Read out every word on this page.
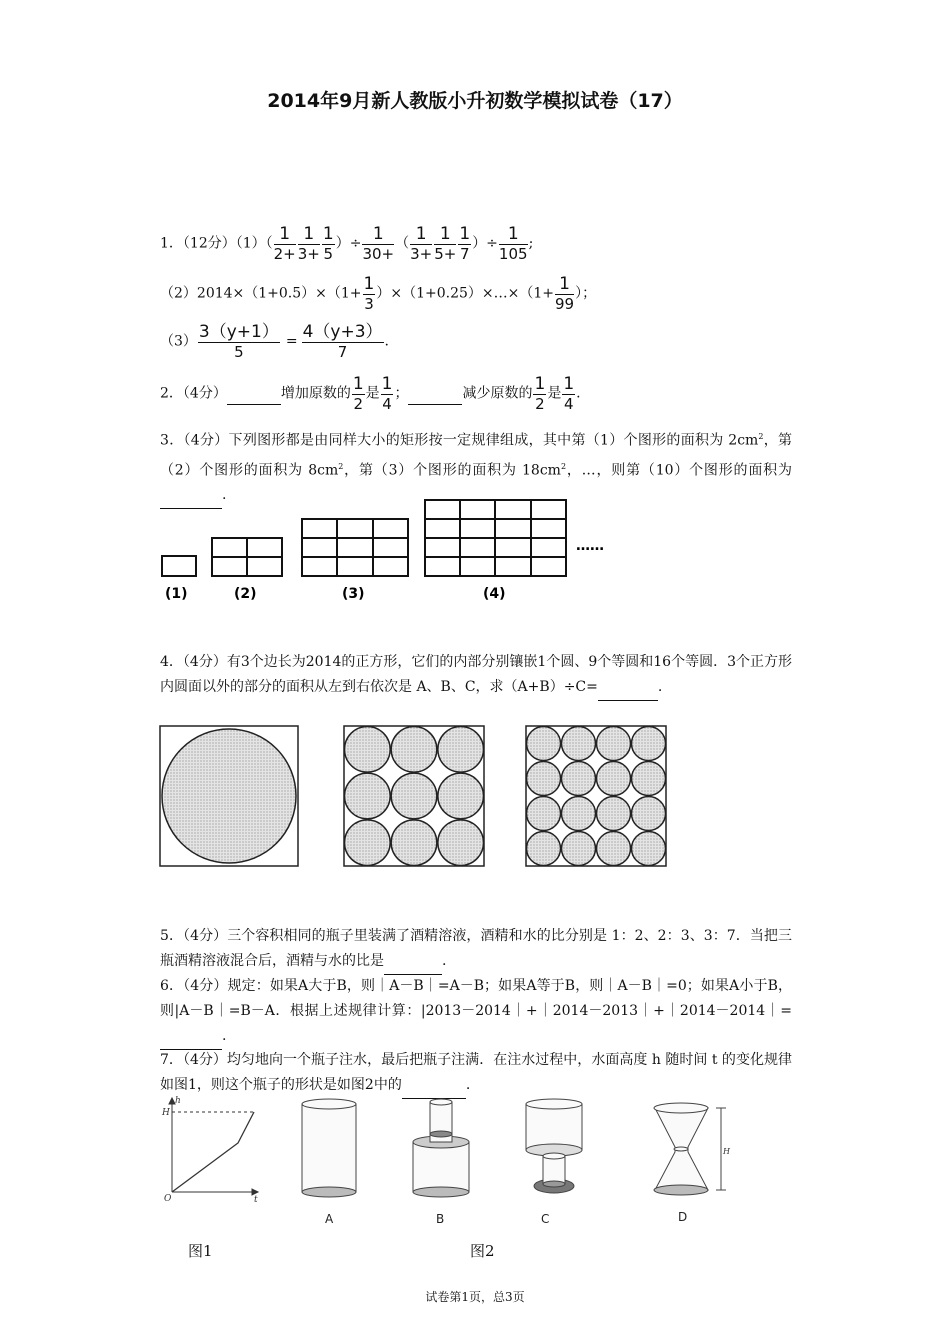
2014年9月新人教版小升初数学模拟试卷（17）
1．（12分）$(1)( \frac{1}{2+} \frac{1}{3+} \frac{1}{5}$ ）÷ $\frac{1}{30+}$ （ $\frac{1}{3+} \frac{1}{5+} \frac{1}{7}$ ）÷ $\frac{1}{105}$ ;
$(2)2014\times(1+0.5)\times(1+ \frac{1}{3}$ ）×（1+0.25）×…×（1+ $\frac{1}{99}$ ）；
$(3) \frac{3(y+1)}{5} = \frac{4(y+3)}{7}$ .
2．（4分）	增加原数的 $\frac{1}{2}$ 是 $\frac{1}{4}$ ；	减少原数的 $\frac{1}{2}$ 是 $\frac{1}{4}$ .
3．（4分）下列图形都是由同样大小的矩形按一定规律组成，其中第（1）个图形的面积为 $2cm^2$，第（2）个图形的面积为 $8cm^2$，第（3）个图形的面积为 $18cm^2$，…，则第（10）个图形的面积为 .
……
(1)	(2)	(3)	(4)
4．（4分）有3个边长为2014的正方形，它们的内部分别镶嵌1个圆、9个等圆和16个等圆．3个正方形内圆面以外的部分的面积从左到右依次是 A、B、C，求（A+B）÷C=	.
5．（4分）三个容积相同的瓶子里装满了酒精溶液，酒精和水的比分别是 1：2、2：3、3：7．当把三瓶酒精溶液混合后，酒精与水的比是	.
6．（4分）规定：如果A大于B，则｜A－B｜=A－B；如果A等于B，则｜A－B｜=0；如果A小于B，则|A－B｜=B－A．根据上述规律计算：|2013－2014｜+｜2014－2013｜+｜2014－2014｜= .
7．（4分）均匀地向一个瓶子注水，最后把瓶子注满．在注水过程中，水面高度 h 随时间 t 的变化规律如图1，则这个瓶子的形状是如图2中的	.
h
H
O	t
H
A	B	C	D
图1	图2
试卷第1页，总3页
